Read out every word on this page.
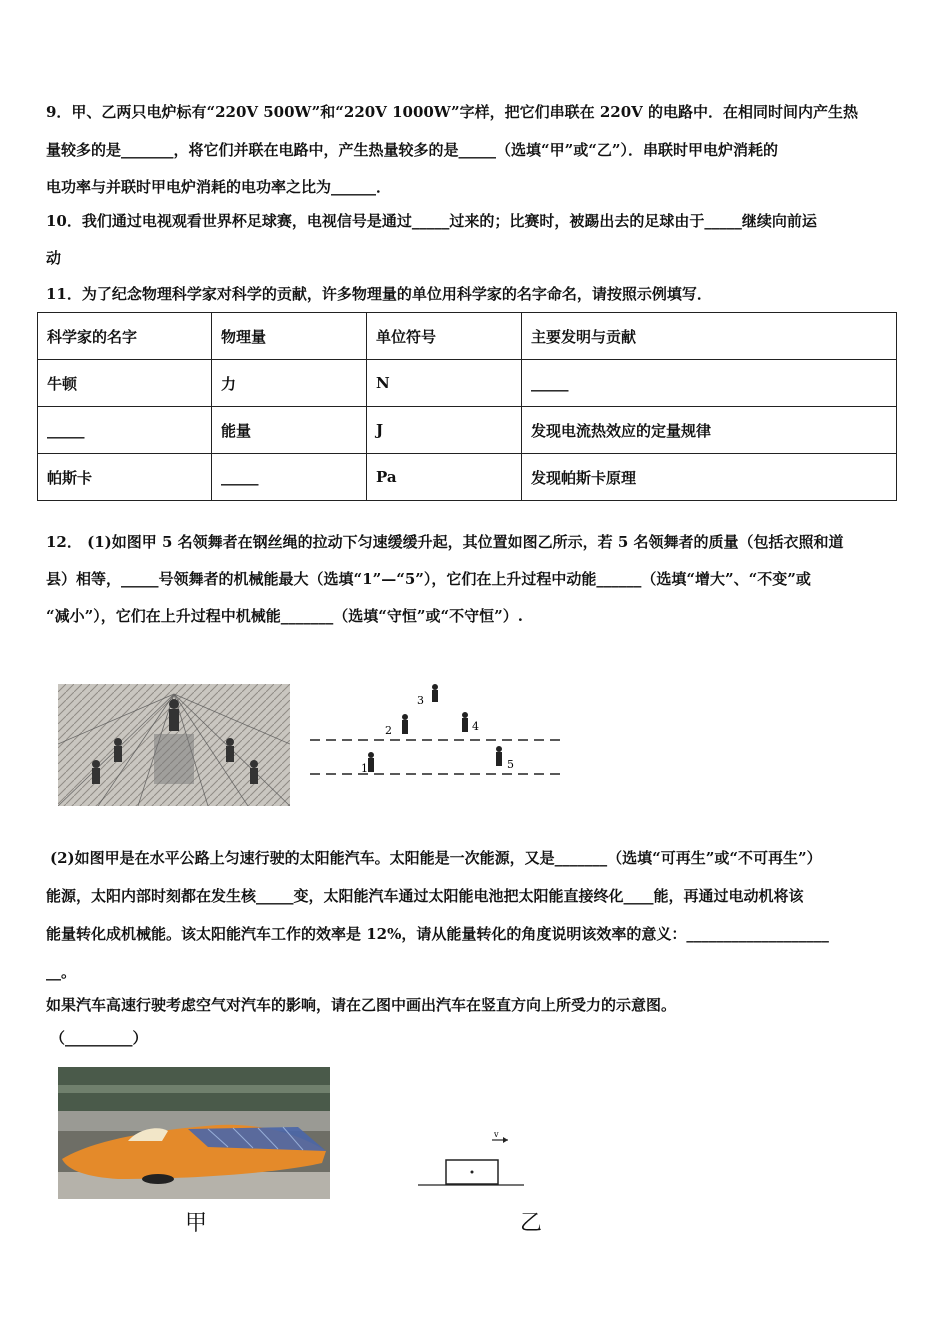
9．甲、乙两只电炉标有“220V 500W”和“220V 1000W”字样，把它们串联在 220V 的电路中．在相同时间内产生热
量较多的是_______，将它们并联在电路中，产生热量较多的是_____（选填“甲”或“乙”）．串联时甲电炉消耗的
电功率与并联时甲电炉消耗的电功率之比为______．
10．我们通过电视观看世界杯足球赛，电视信号是通过_____过来的；比赛时，被踢出去的足球由于_____继续向前运
动
11．为了纪念物理科学家对科学的贡献，许多物理量的单位用科学家的名字命名，请按照示例填写．
科学家的名字	物理量	单位符号	主要发明与贡献
牛顿	力	N	_____
_____	能量	J	发现电流热效应的定量规律
帕斯卡	_____	Pa	发现帕斯卡原理
12． (1)如图甲 5 名领舞者在钢丝绳的拉动下匀速缓缓升起，其位置如图乙所示，若 5 名领舞者的质量（包括衣照和道
县）相等，_____号领舞者的机械能最大（选填“1”—“5”），它们在上升过程中动能______（选填“增大”、“不变”或
“减小”），它们在上升过程中机械能_______（选填“守恒”或“不守恒”）.
1
2
3
4
5
(2)如图甲是在水平公路上匀速行驶的太阳能汽车。太阳能是一次能源，又是_______（选填“可再生”或“不可再生”）
能源，太阳内部时刻都在发生核_____变，太阳能汽车通过太阳能电池把太阳能直接终化____能，再通过电动机将该
能量转化成机械能。该太阳能汽车工作的效率是 12%，请从能量转化的角度说明该效率的意义：___________________
__。
如果汽车高速行驶考虑空气对汽车的影响，请在乙图中画出汽车在竖直方向上所受力的示意图。
（_________）
甲
v
乙
